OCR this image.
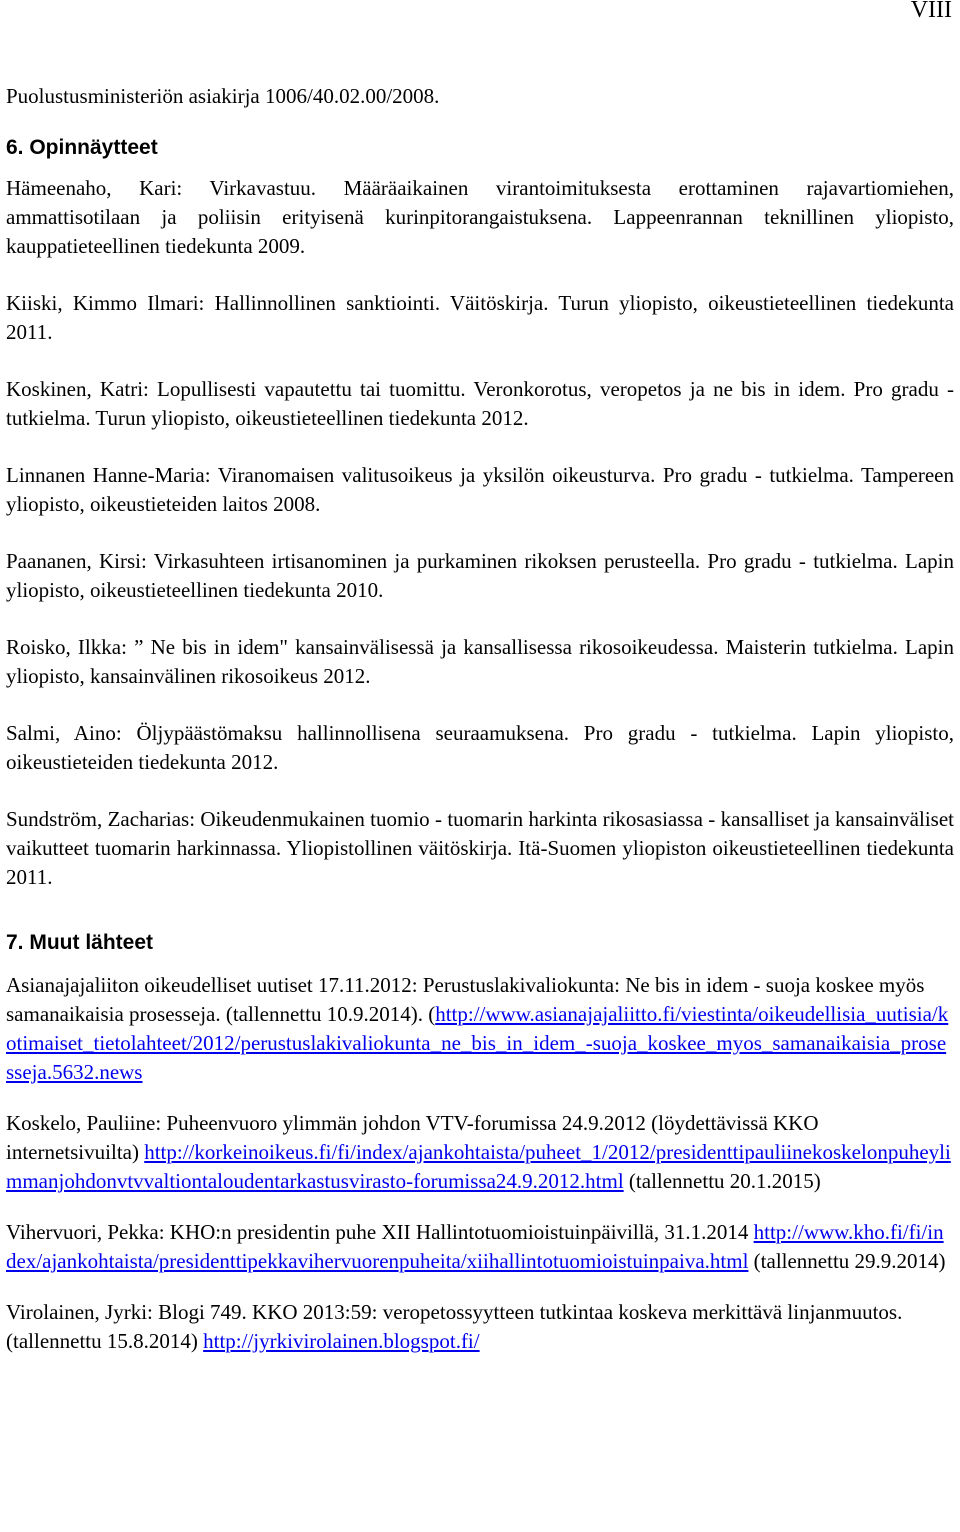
VIII

Puolustusministeriön asiakirja 1006/40.02.00/2008.

6. Opinnäytteet

Hämeenaho, Kari: Virkavastuu. Määräaikainen virantoimituksesta erottaminen rajavartiomiehen, ammattisotilaan ja poliisin erityisenä kurinpitorangaistuksena. Lappeenrannan teknillinen yliopisto, kauppatieteellinen tiedekunta 2009.

Kiiski, Kimmo Ilmari: Hallinnollinen sanktiointi. Väitöskirja. Turun yliopisto, oikeustieteellinen tiedekunta 2011.

Koskinen, Katri: Lopullisesti vapautettu tai tuomittu. Veronkorotus, veropetos ja ne bis in idem. Pro gradu - tutkielma. Turun yliopisto, oikeustieteellinen tiedekunta 2012.

Linnanen Hanne-Maria: Viranomaisen valitusoikeus ja yksilön oikeusturva. Pro gradu - tutkielma. Tampereen yliopisto, oikeustieteiden laitos 2008.

Paananen, Kirsi: Virkasuhteen irtisanominen ja purkaminen rikoksen perusteella. Pro gradu - tutkielma. Lapin yliopisto, oikeustieteellinen tiedekunta 2010.

Roisko, Ilkka: ” Ne bis in idem" kansainvälisessä ja kansallisessa rikosoikeudessa. Maisterin tutkielma. Lapin yliopisto, kansainvälinen rikosoikeus 2012.

Salmi, Aino: Öljypäästömaksu hallinnollisena seuraamuksena. Pro gradu - tutkielma. Lapin yliopisto, oikeustieteiden tiedekunta 2012.

Sundström, Zacharias: Oikeudenmukainen tuomio - tuomarin harkinta rikosasiassa - kansalliset ja kansainväliset vaikutteet tuomarin harkinnassa. Yliopistollinen väitöskirja. Itä-Suomen yliopiston oikeustieteellinen tiedekunta 2011.

7. Muut lähteet

Asianajajaliiton oikeudelliset uutiset 17.11.2012: Perustuslakivaliokunta: Ne bis in idem - suoja koskee myös samanaikaisia prosesseja. (tallennettu 10.9.2014). (http://www.asianajajaliitto.fi/viestinta/oikeudellisia_uutisia/kotimaiset_tietolahteet/2012/perustuslakivaliokunta_ne_bis_in_idem_-suoja_koskee_myos_samanaikaisia_prosesseja.5632.news

Koskelo, Pauliine: Puheenvuoro ylimmän johdon VTV-forumissa 24.9.2012 (löydettävissä KKO internetsivuilta) http://korkeinoikeus.fi/fi/index/ajankohtaista/puheet_1/2012/presidenttipauliinekoskelonpuheylimmanjohdonvtvvaltiontaloudentarkastusvirasto-forumissa24.9.2012.html (tallennettu 20.1.2015)

Vihervuori, Pekka: KHO:n presidentin puhe XII Hallintotuomioistuinpäivillä, 31.1.2014 http://www.kho.fi/fi/index/ajankohtaista/presidenttipekkavihervuorenpuheita/xiihallintotuomioistuinpaiva.html (tallennettu 29.9.2014)

Virolainen, Jyrki: Blogi 749. KKO 2013:59: veropetossyytteen tutkintaa koskeva merkittävä linjanmuutos. (tallennettu 15.8.2014) http://jyrkivirolainen.blogspot.fi/
